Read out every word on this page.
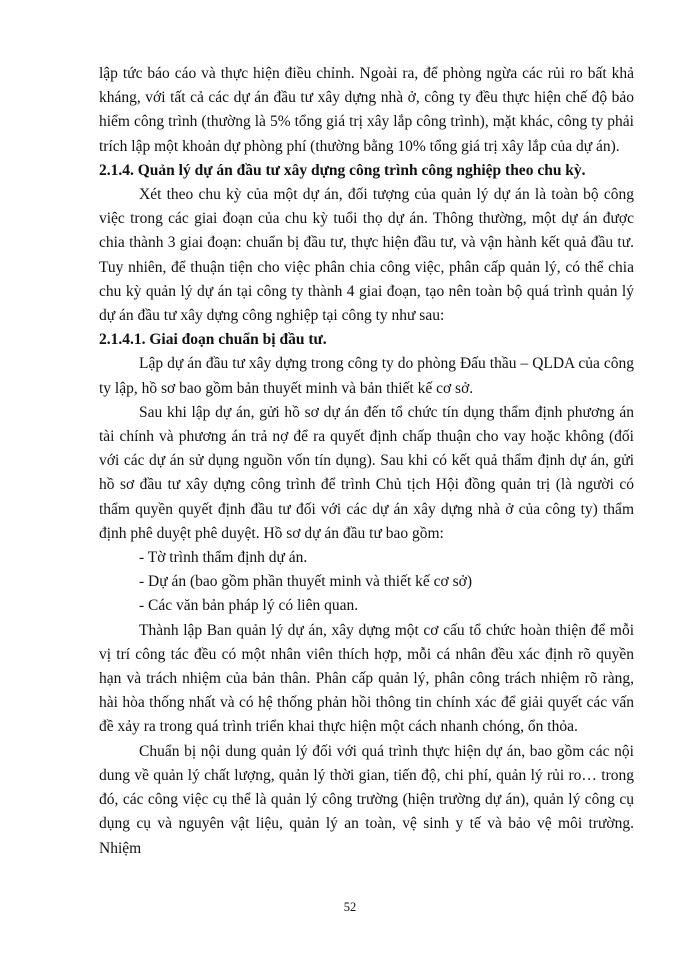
lập tức báo cáo và thực hiện điều chỉnh. Ngoài ra, để phòng ngừa các rủi ro bất khả kháng, với tất cả các dự án đầu tư xây dựng nhà ở, công ty đều thực hiện chế độ bảo hiểm công trình (thường là 5% tổng giá trị xây lắp công trình), mặt khác, công ty phải trích lập một khoản dự phòng phí (thường bằng 10% tổng giá trị xây lắp của dự án).

2.1.4. Quản lý dự án đầu tư xây dựng công trình công nghiệp theo chu kỳ.

Xét theo chu kỳ của một dự án, đối tượng của quản lý dự án là toàn bộ công việc trong các giai đoạn của chu kỳ tuổi thọ dự án. Thông thường, một dự án được chia thành 3 giai đoạn: chuẩn bị đầu tư, thực hiện đầu tư, và vận hành kết quả đầu tư. Tuy nhiên, để thuận tiện cho việc phân chia công việc, phân cấp quản lý, có thể chia chu kỳ quản lý dự án tại công ty thành 4 giai đoạn, tạo nên toàn bộ quá trình quản lý dự án đầu tư xây dựng công nghiệp tại công ty như sau:

2.1.4.1. Giai đoạn chuẩn bị đầu tư.

Lập dự án đầu tư xây dựng trong công ty do phòng Đấu thầu – QLDA của công ty lập, hồ sơ bao gồm bản thuyết minh và bản thiết kế cơ sở.

Sau khi lập dự án, gửi hồ sơ dự án đến tổ chức tín dụng thẩm định phương án tài chính và phương án trả nợ để ra quyết định chấp thuận cho vay hoặc không (đối với các dự án sử dụng nguồn vốn tín dụng). Sau khi có kết quả thẩm định dự án, gửi hồ sơ đầu tư xây dựng công trình để trình Chủ tịch Hội đồng quản trị (là người có thẩm quyền quyết định đầu tư đối với các dự án xây dựng nhà ở của công ty) thẩm định phê duyệt phê duyệt. Hồ sơ dự án đầu tư bao gồm:

- Tờ trình thẩm định dự án.

- Dự án (bao gồm phần thuyết minh và thiết kế cơ sở)

- Các văn bản pháp lý có liên quan.

Thành lập Ban quản lý dự án, xây dựng một cơ cấu tổ chức hoàn thiện để mỗi vị trí công tác đều có một nhân viên thích hợp, mỗi cá nhân đều xác định rõ quyền hạn và trách nhiệm của bản thân. Phân cấp quản lý, phân công trách nhiệm rõ ràng, hài hòa thống nhất và có hệ thống phản hồi thông tin chính xác để giải quyết các vấn đề xảy ra trong quá trình triển khai thực hiện một cách nhanh chóng, ổn thỏa.

Chuẩn bị nội dung quản lý đối với quá trình thực hiện dự án, bao gồm các nội dung về quản lý chất lượng, quản lý thời gian, tiến độ, chi phí, quản lý rủi ro… trong đó, các công việc cụ thể là quản lý công trường (hiện trường dự án), quản lý công cụ dụng cụ và nguyên vật liệu, quản lý an toàn, vệ sinh y tế và bảo vệ môi trường. Nhiệm

52
